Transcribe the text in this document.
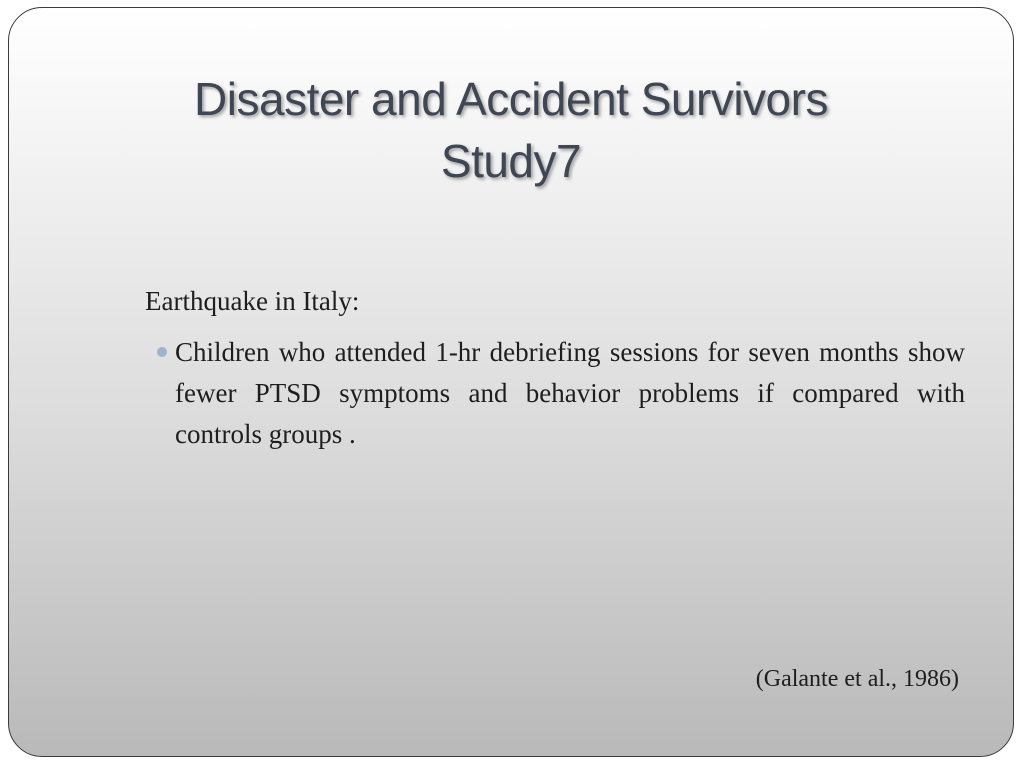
Disaster and Accident Survivors
Study7

Earthquake in Italy:

Children who attended 1-hr debriefing sessions for seven months show fewer PTSD symptoms and behavior problems if compared with controls groups .
(Galante et al., 1986)
